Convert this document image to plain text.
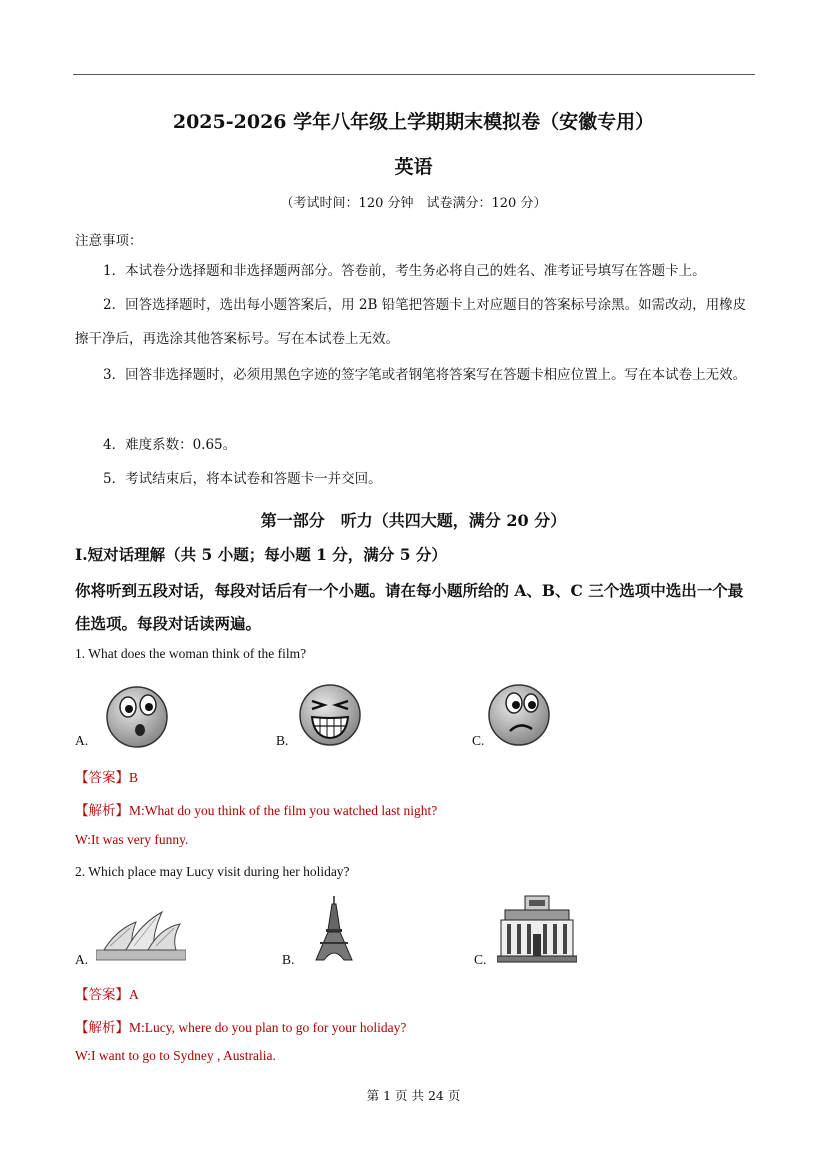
2025-2026 学年八年级上学期期末模拟卷（安徽专用）
英语
（考试时间：120 分钟　试卷满分：120 分）
注意事项：
1．本试卷分选择题和非选择题两部分。答卷前，考生务必将自己的姓名、准考证号填写在答题卡上。
2．回答选择题时，选出每小题答案后，用 2B 铅笔把答题卡上对应题目的答案标号涂黑。如需改动，用橡皮擦干净后，再选涂其他答案标号。写在本试卷上无效。
3．回答非选择题时，必须用黑色字迹的签字笔或者钢笔将答案写在答题卡相应位置上。写在本试卷上无效。
4．难度系数：0.65。
5．考试结束后，将本试卷和答题卡一并交回。
第一部分　听力（共四大题，满分 20 分）
I.短对话理解（共 5 小题；每小题 1 分，满分 5 分）
你将听到五段对话，每段对话后有一个小题。请在每小题所给的 A、B、C 三个选项中选出一个最佳选项。每段对话读两遍。
1. What does the woman think of the film?
A.	B.	C.
【答案】B
【解析】M:What do you think of the film you watched last night?
W:It was very funny.
2. Which place may Lucy visit during her holiday?
A.	B.	C.
【答案】A
【解析】M:Lucy, where do you plan to go for your holiday?
W:I want to go to Sydney , Australia.
第 1 页 共 24 页
